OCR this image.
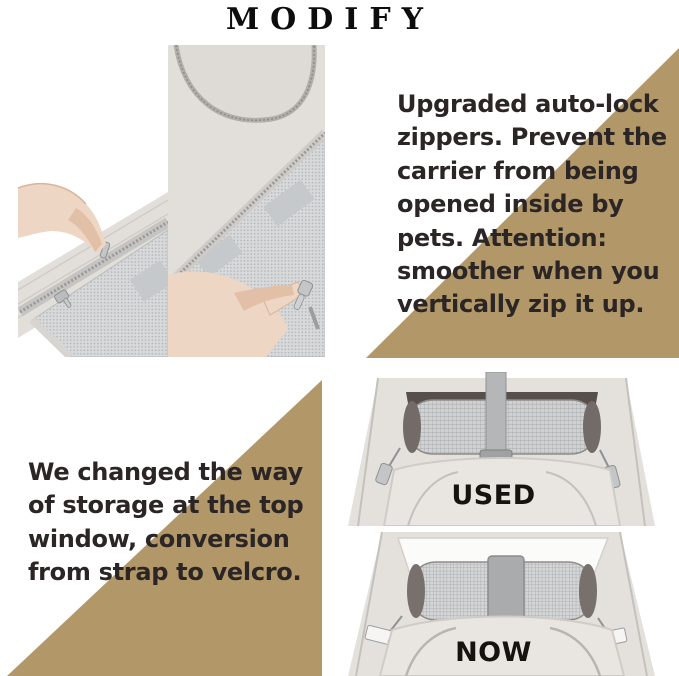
MODIFY
Upgraded auto-lock
zippers. Prevent the
carrier from being
opened inside by
pets. Attention:
smoother when you
vertically zip it up.
We changed the way
of storage at the top
window, conversion
from strap to velcro.
USED
NOW
